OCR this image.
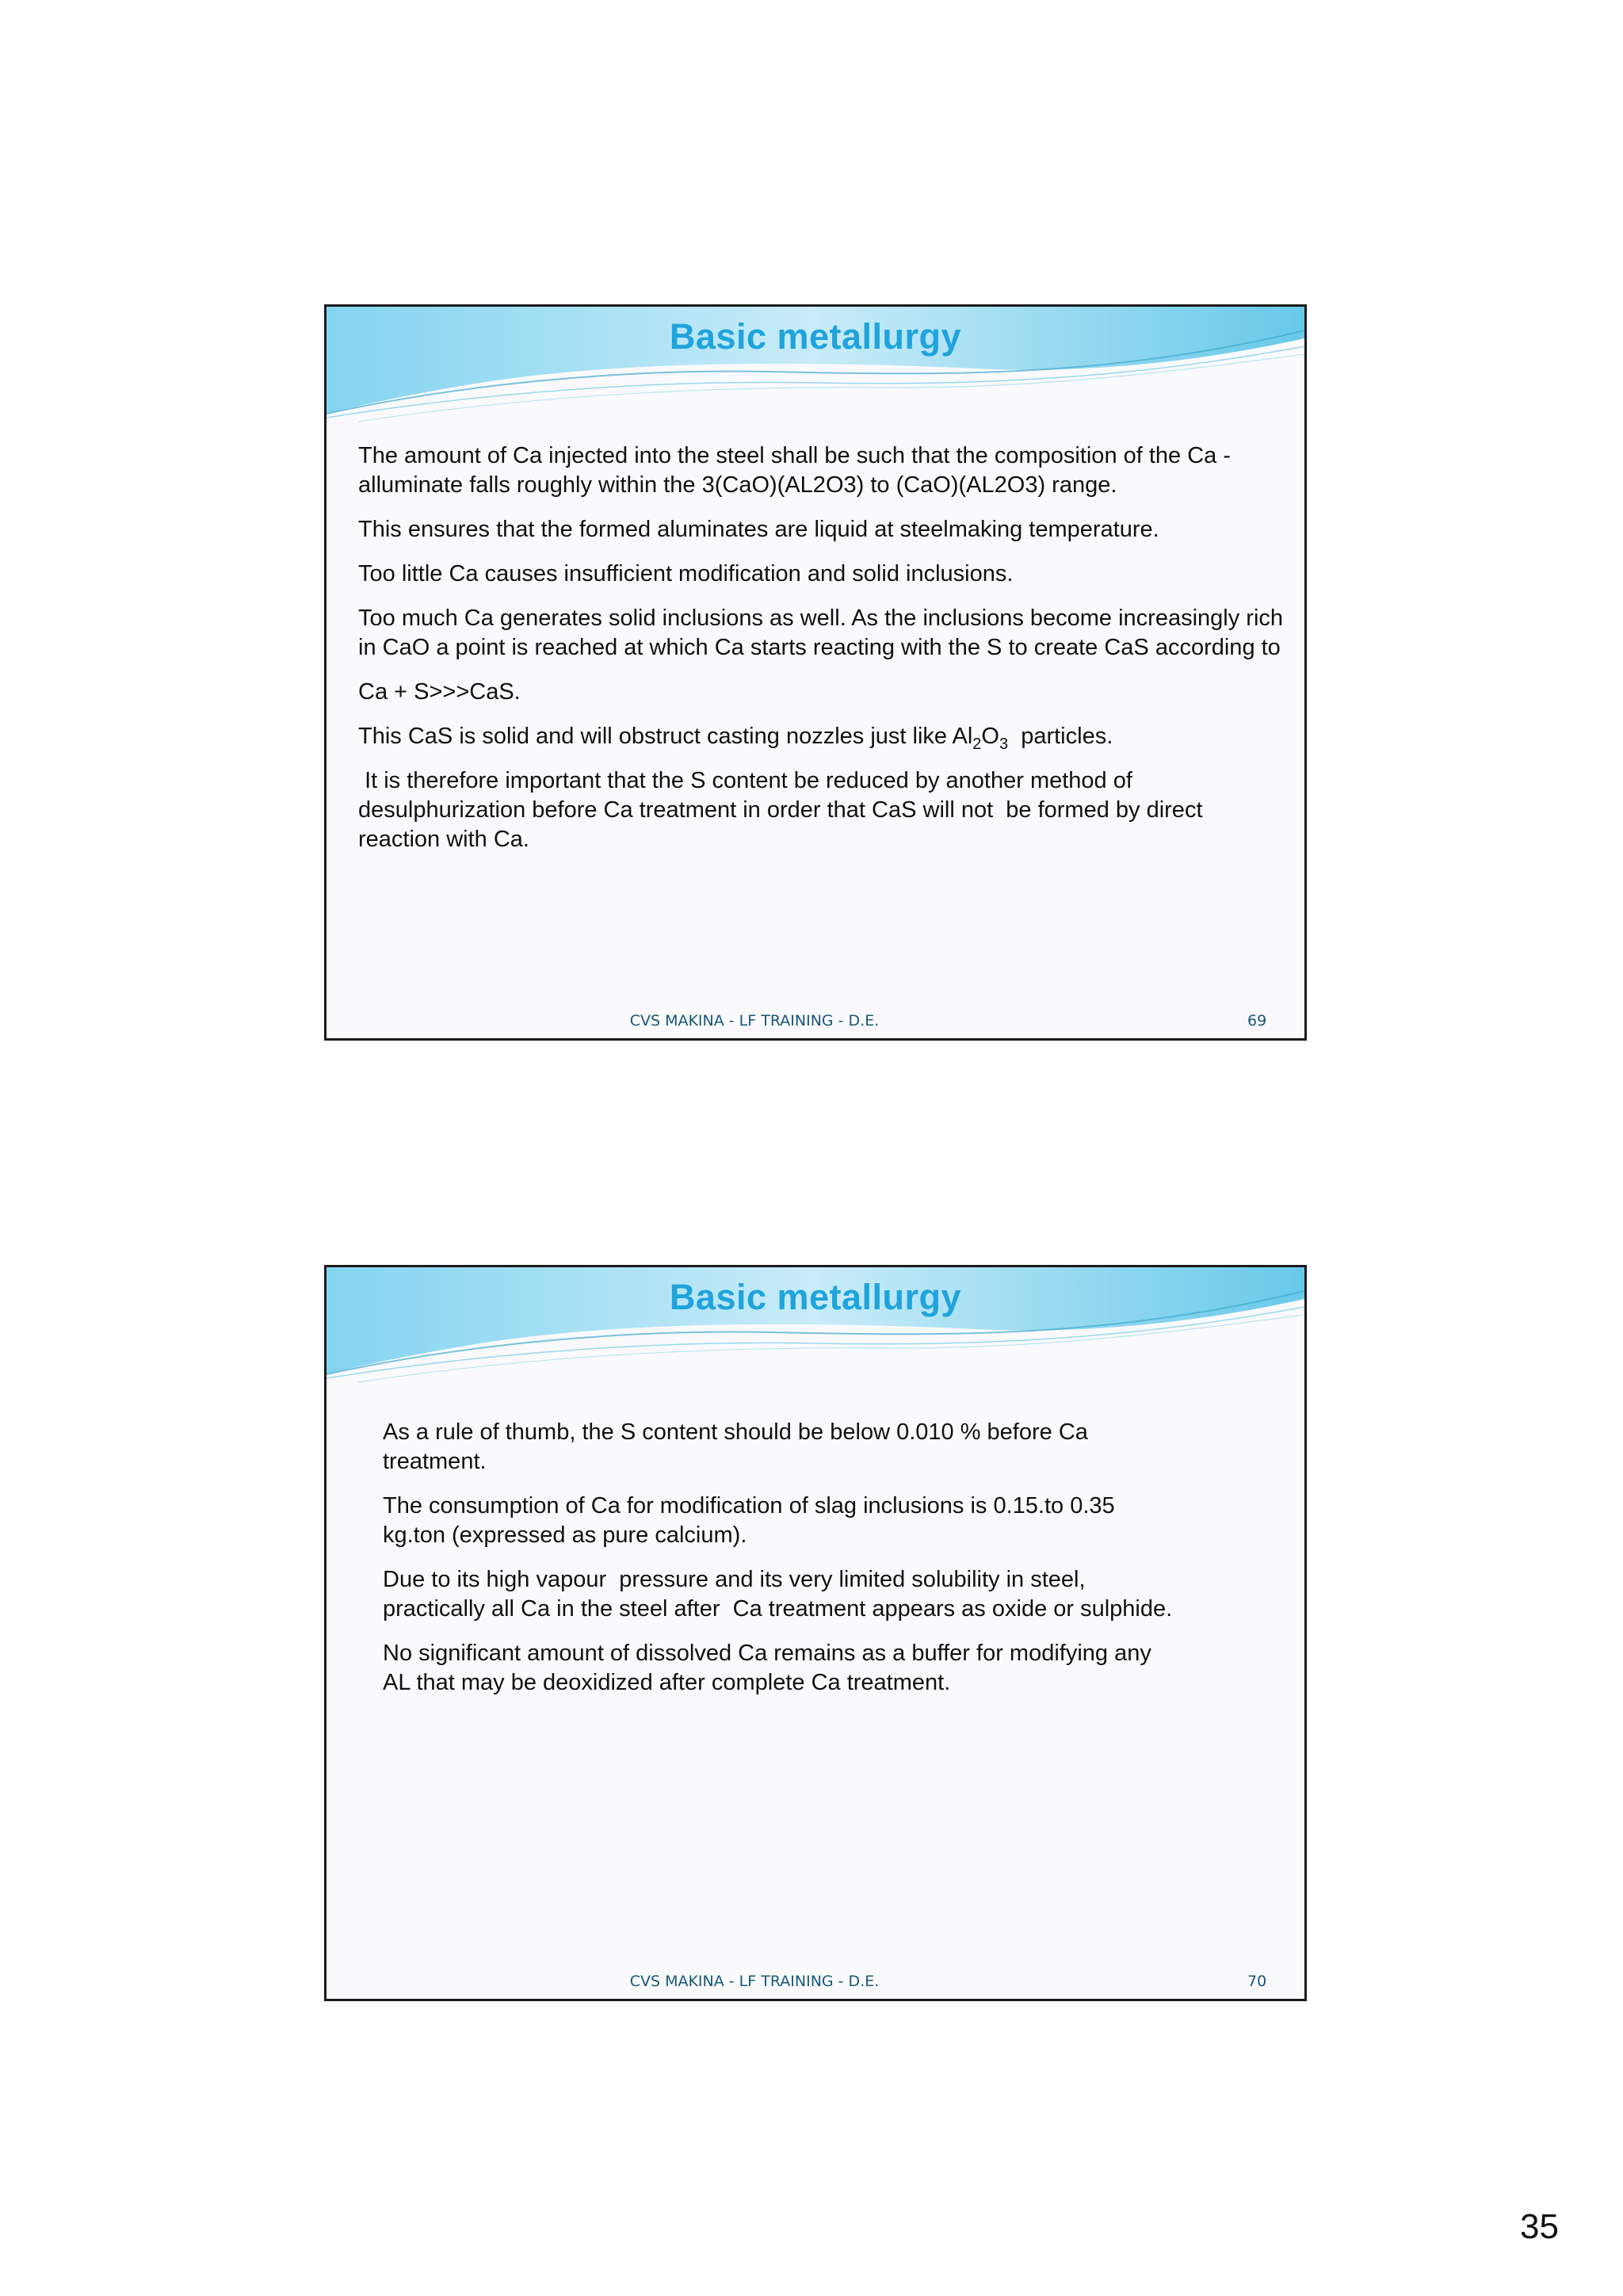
Basic metallurgy

The amount of Ca injected into the steel shall be such that the composition of the Ca -alluminate falls roughly within the 3(CaO)(AL2O3) to (CaO)(AL2O3) range.

This ensures that the formed aluminates are liquid at steelmaking temperature.

Too little Ca causes insufficient modification and solid inclusions.

Too much Ca generates solid inclusions as well. As the inclusions become increasingly rich in CaO a point is reached at which Ca starts reacting with the S to create CaS according to

Ca + S>>>CaS.

This CaS is solid and will obstruct casting nozzles just like $Al_2O_3$  particles.

It is therefore important that the S content be reduced by another method of desulphurization before Ca treatment in order that CaS will not  be formed by direct reaction with Ca.

CVS MAKINA - LF TRAINING - D.E.	69
Basic metallurgy

As a rule of thumb, the S content should be below 0.010 % before Ca treatment.

The consumption of Ca for modification of slag inclusions is 0.15.to 0.35 kg.ton (expressed as pure calcium).

Due to its high vapour  pressure and its very limited solubility in steel, practically all Ca in the steel after  Ca treatment appears as oxide or sulphide.

No significant amount of dissolved Ca remains as a buffer for modifying any AL that may be deoxidized after complete Ca treatment.

CVS MAKINA - LF TRAINING - D.E.	70
35
